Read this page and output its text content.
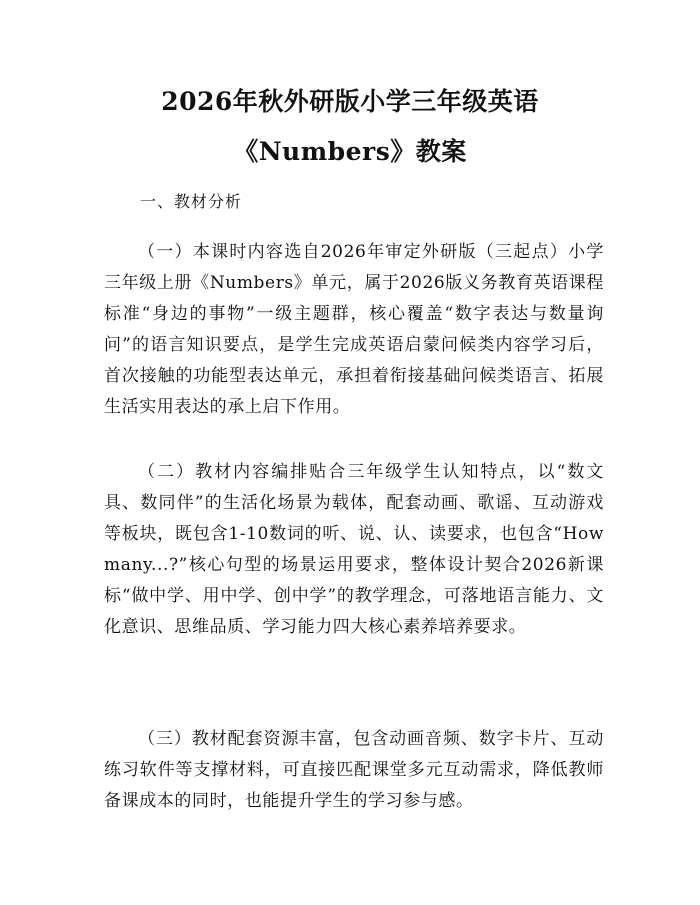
2026年秋外研版小学三年级英语
《Numbers》教案
一、教材分析

（一）本课时内容选自2026年审定外研版（三起点）小学三年级上册《Numbers》单元，属于2026版义务教育英语课程标准“身边的事物”一级主题群，核心覆盖“数字表达与数量询问”的语言知识要点，是学生完成英语启蒙问候类内容学习后，首次接触的功能型表达单元，承担着衔接基础问候类语言、拓展生活实用表达的承上启下作用。

（二）教材内容编排贴合三年级学生认知特点，以“数文具、数同伴”的生活化场景为载体，配套动画、歌谣、互动游戏等板块，既包含1-10数词的听、说、认、读要求，也包含“How many...?”核心句型的场景运用要求，整体设计契合2026新课标“做中学、用中学、创中学”的教学理念，可落地语言能力、文化意识、思维品质、学习能力四大核心素养培养要求。

（三）教材配套资源丰富，包含动画音频、数字卡片、互动练习软件等支撑材料，可直接匹配课堂多元互动需求，降低教师备课成本的同时，也能提升学生的学习参与感。
